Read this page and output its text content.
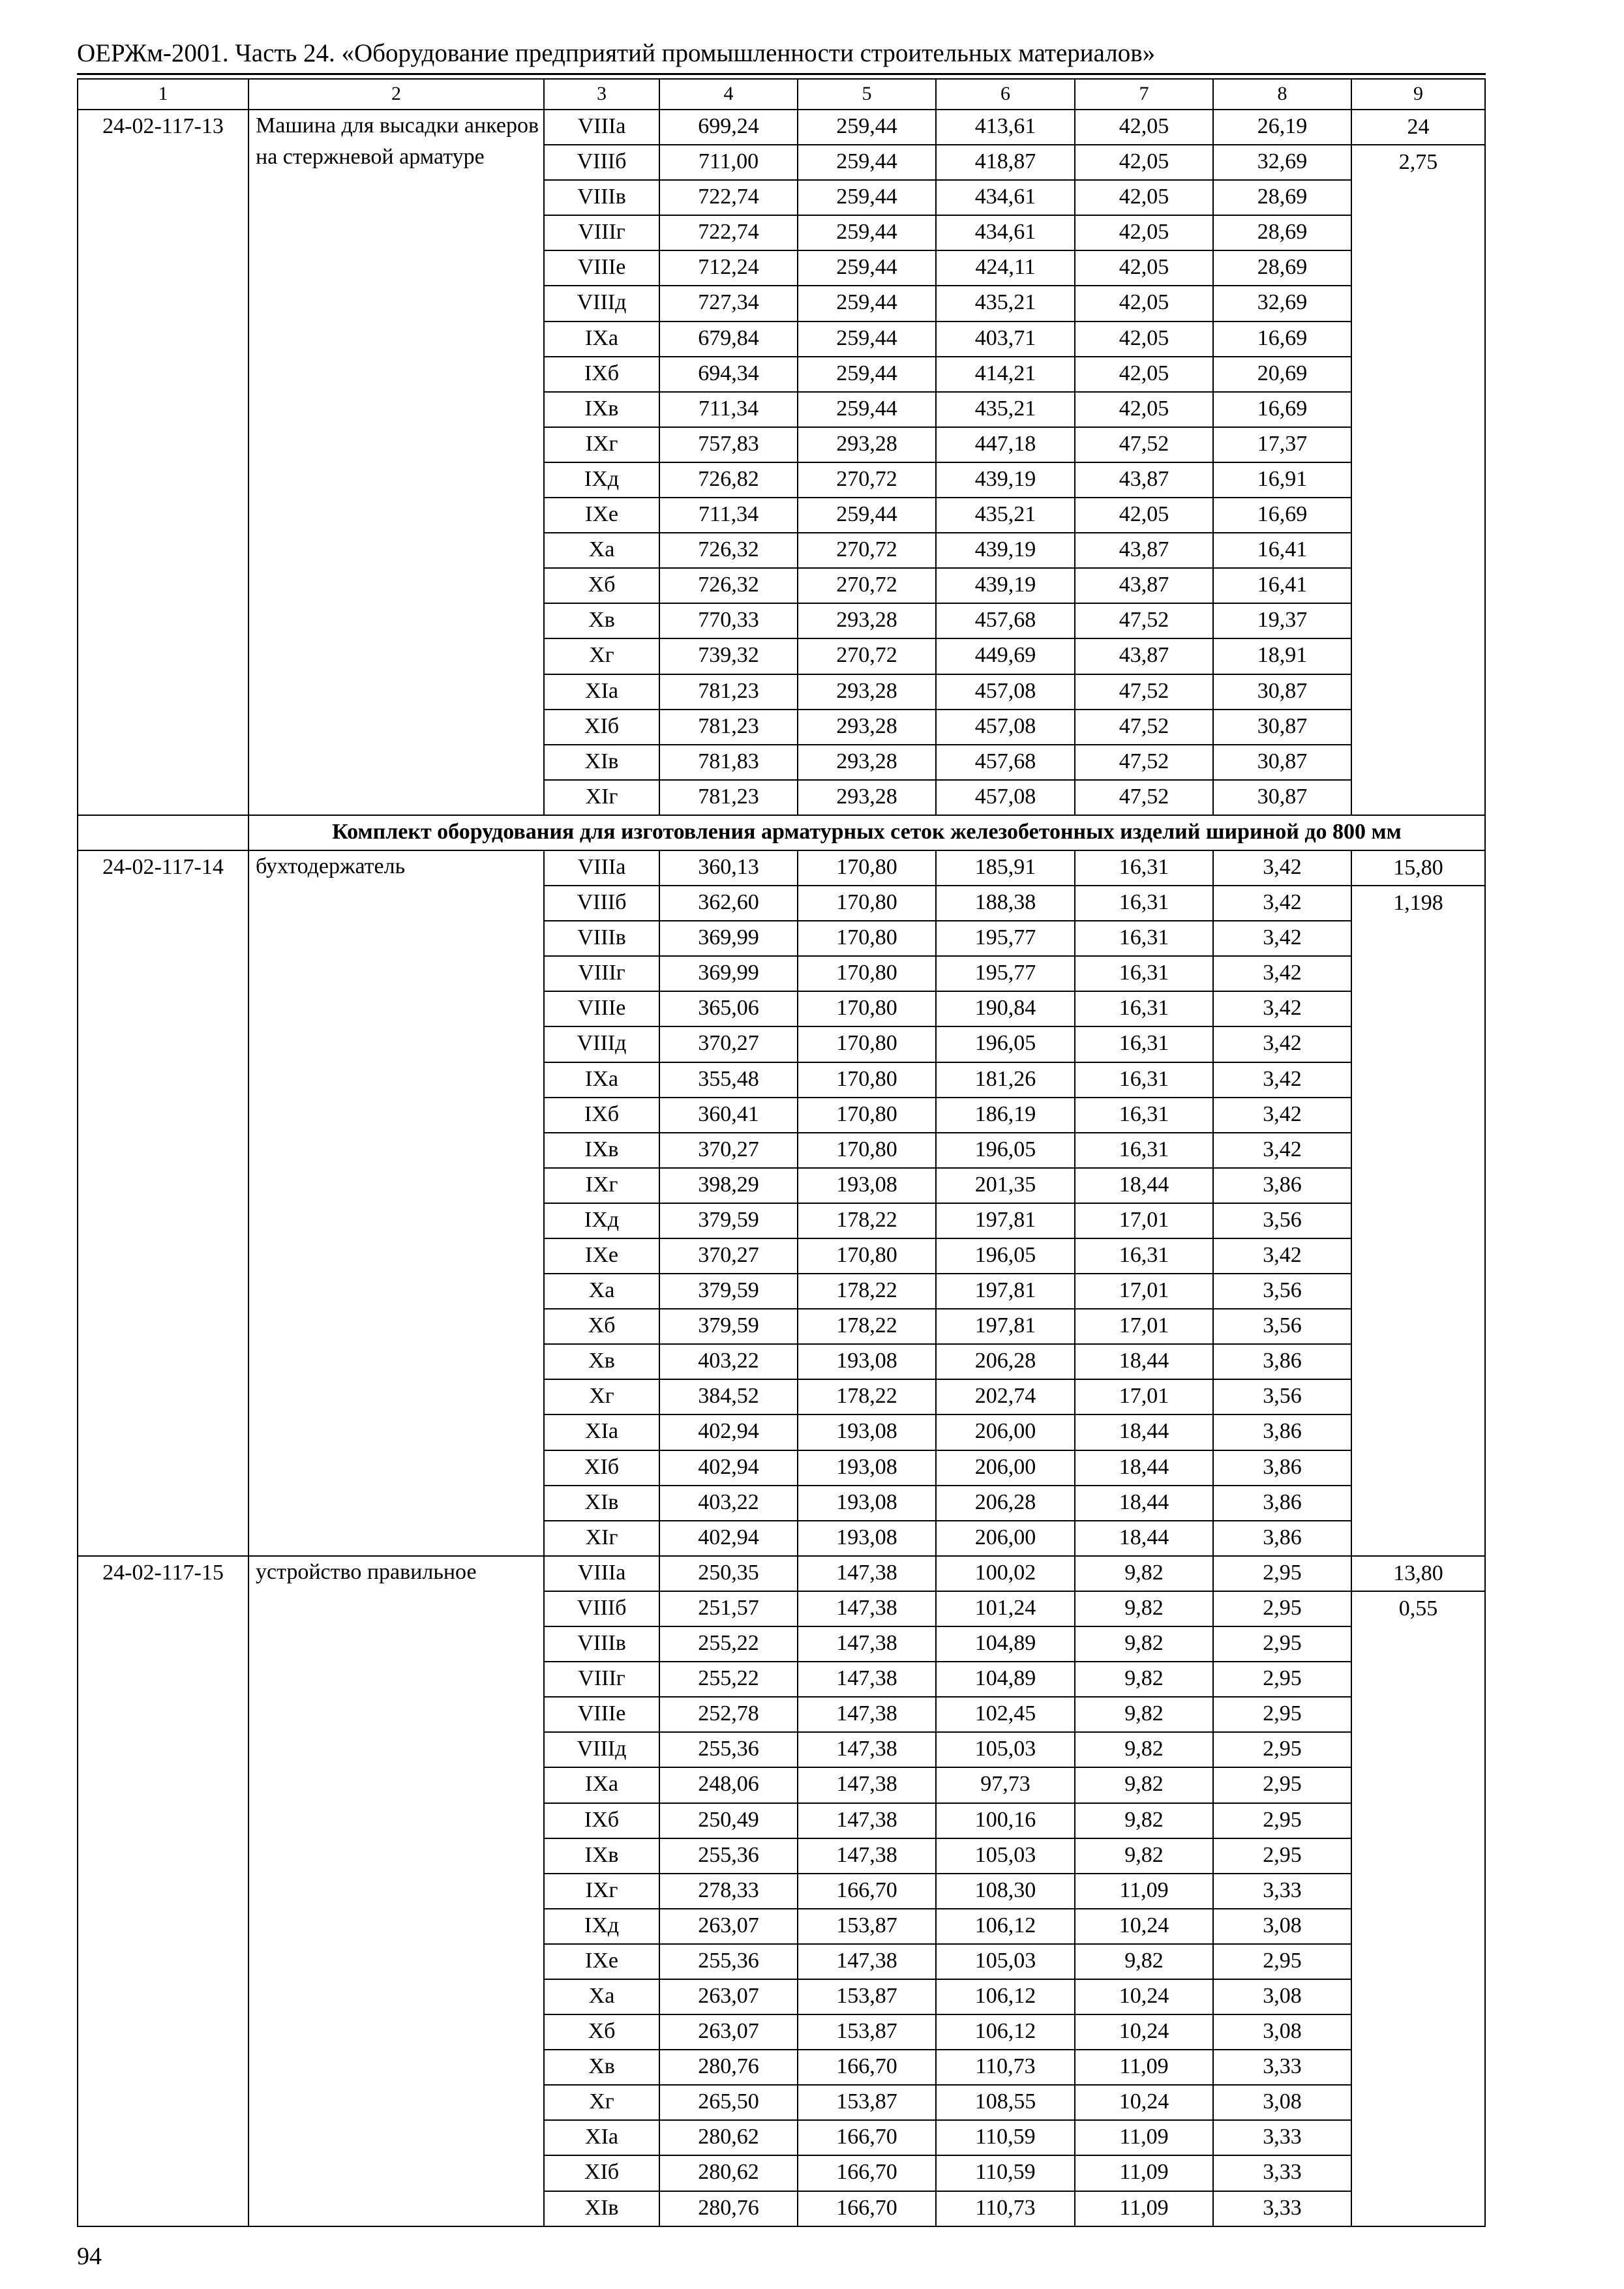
ОЕРЖм-2001. Часть 24. «Оборудование предприятий промышленности строительных материалов»
1	2	3	4	5	6	7	8	9
24-02-117-13	Машина для высадки анкеров на стержневой арматуре	VIIIа	699,24	259,44	413,61	42,05	26,19	24
		VIIIб	711,00	259,44	418,87	42,05	32,69	2,75
		VIIIв	722,74	259,44	434,61	42,05	28,69	
		VIIIг	722,74	259,44	434,61	42,05	28,69	
		VIIIе	712,24	259,44	424,11	42,05	28,69	
		VIIIд	727,34	259,44	435,21	42,05	32,69	
		IXа	679,84	259,44	403,71	42,05	16,69	
		IXб	694,34	259,44	414,21	42,05	20,69	
		IXв	711,34	259,44	435,21	42,05	16,69	
		IXг	757,83	293,28	447,18	47,52	17,37	
		IXд	726,82	270,72	439,19	43,87	16,91	
		IXе	711,34	259,44	435,21	42,05	16,69	
		Xа	726,32	270,72	439,19	43,87	16,41	
		Xб	726,32	270,72	439,19	43,87	16,41	
		Xв	770,33	293,28	457,68	47,52	19,37	
		Xг	739,32	270,72	449,69	43,87	18,91	
		XIа	781,23	293,28	457,08	47,52	30,87	
		XIб	781,23	293,28	457,08	47,52	30,87	
		XIв	781,83	293,28	457,68	47,52	30,87	
		XIг	781,23	293,28	457,08	47,52	30,87	
	Комплект оборудования для изготовления арматурных сеток железобетонных изделий шириной до 800 мм							
24-02-117-14	бухтодержатель	VIIIа	360,13	170,80	185,91	16,31	3,42	15,80
		VIIIб	362,60	170,80	188,38	16,31	3,42	1,198
		VIIIв	369,99	170,80	195,77	16,31	3,42	
		VIIIг	369,99	170,80	195,77	16,31	3,42	
		VIIIе	365,06	170,80	190,84	16,31	3,42	
		VIIIд	370,27	170,80	196,05	16,31	3,42	
		IXа	355,48	170,80	181,26	16,31	3,42	
		IXб	360,41	170,80	186,19	16,31	3,42	
		IXв	370,27	170,80	196,05	16,31	3,42	
		IXг	398,29	193,08	201,35	18,44	3,86	
		IXд	379,59	178,22	197,81	17,01	3,56	
		IXе	370,27	170,80	196,05	16,31	3,42	
		Xа	379,59	178,22	197,81	17,01	3,56	
		Xб	379,59	178,22	197,81	17,01	3,56	
		Xв	403,22	193,08	206,28	18,44	3,86	
		Xг	384,52	178,22	202,74	17,01	3,56	
		XIа	402,94	193,08	206,00	18,44	3,86	
		XIб	402,94	193,08	206,00	18,44	3,86	
		XIв	403,22	193,08	206,28	18,44	3,86	
		XIг	402,94	193,08	206,00	18,44	3,86	
24-02-117-15	устройство правильное	VIIIа	250,35	147,38	100,02	9,82	2,95	13,80
		VIIIб	251,57	147,38	101,24	9,82	2,95	0,55
		VIIIв	255,22	147,38	104,89	9,82	2,95	
		VIIIг	255,22	147,38	104,89	9,82	2,95	
		VIIIе	252,78	147,38	102,45	9,82	2,95	
		VIIIд	255,36	147,38	105,03	9,82	2,95	
		IXа	248,06	147,38	97,73	9,82	2,95	
		IXб	250,49	147,38	100,16	9,82	2,95	
		IXв	255,36	147,38	105,03	9,82	2,95	
		IXг	278,33	166,70	108,30	11,09	3,33	
		IXд	263,07	153,87	106,12	10,24	3,08	
		IXе	255,36	147,38	105,03	9,82	2,95	
		Xа	263,07	153,87	106,12	10,24	3,08	
		Xб	263,07	153,87	106,12	10,24	3,08	
		Xв	280,76	166,70	110,73	11,09	3,33	
		Xг	265,50	153,87	108,55	10,24	3,08	
		XIа	280,62	166,70	110,59	11,09	3,33	
		XIб	280,62	166,70	110,59	11,09	3,33	
		XIв	280,76	166,70	110,73	11,09	3,33	
94
